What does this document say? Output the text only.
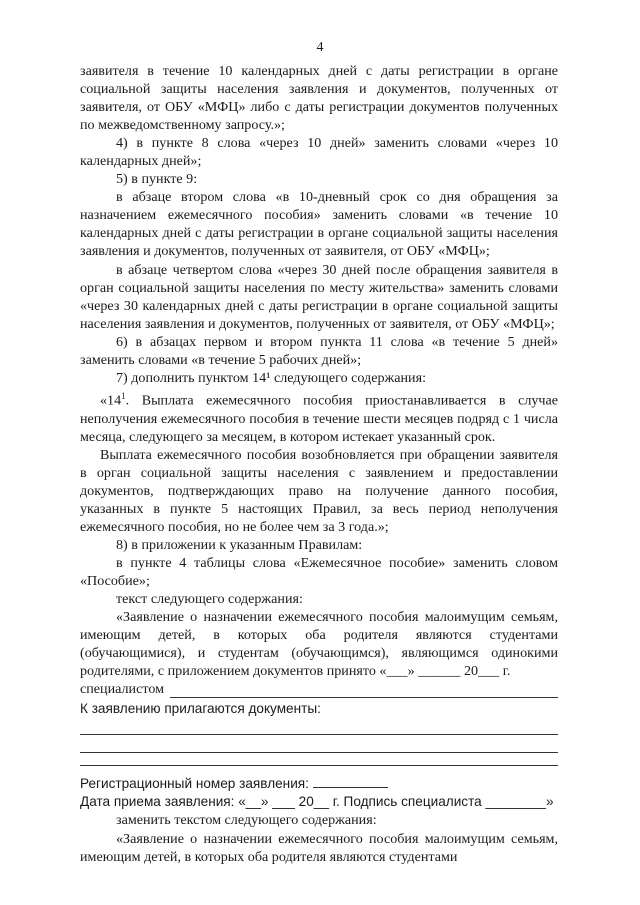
4

заявителя в течение 10 календарных дней с даты регистрации в органе социальной защиты населения заявления и документов, полученных от заявителя, от ОБУ «МФЦ» либо с даты регистрации документов полученных по межведомственному запросу.»;

4) в пункте 8 слова «через 10 дней» заменить словами «через 10 календарных дней»;

5) в пункте 9:

в абзаце втором слова «в 10-дневный срок со дня обращения за назначением ежемесячного пособия» заменить словами «в течение 10 календарных дней с даты регистрации в органе социальной защиты населения заявления и документов, полученных от заявителя, от ОБУ «МФЦ»;

в абзаце четвертом слова «через 30 дней после обращения заявителя в орган социальной защиты населения по месту жительства» заменить словами «через 30 календарных дней с даты регистрации в органе социальной защиты населения заявления и документов, полученных от заявителя, от ОБУ «МФЦ»;

6) в абзацах первом и втором пункта 11 слова «в течение 5 дней» заменить словами «в течение 5 рабочих дней»;

7) дополнить пунктом 14¹ следующего содержания:

«$14^1$. Выплата ежемесячного пособия приостанавливается в случае неполучения ежемесячного пособия в течение шести месяцев подряд с 1 числа месяца, следующего за месяцем, в котором истекает указанный срок.

Выплата ежемесячного пособия возобновляется при обращении заявителя в орган социальной защиты населения с заявлением и предоставлении документов, подтверждающих право на получение данного пособия, указанных в пункте 5 настоящих Правил, за весь период неполучения ежемесячного пособия, но не более чем за 3 года.»;

8) в приложении к указанным Правилам:

в пункте 4 таблицы слова «Ежемесячное пособие» заменить словом «Пособие»;

текст следующего содержания:

«Заявление о назначении ежемесячного пособия малоимущим семьям, имеющим детей, в которых оба родителя являются студентами (обучающимися), и студентам (обучающимся), являющимся одинокими родителями, с приложением документов принято «___» ______ 20___ г.

специалистом
К заявлению прилагаются документы:
Регистрационный номер заявления:
Дата приема заявления: «__» ___ 20__ г. Подпись специалиста ________»

заменить текстом следующего содержания:

«Заявление о назначении ежемесячного пособия малоимущим семьям, имеющим детей, в которых оба родителя являются студентами
